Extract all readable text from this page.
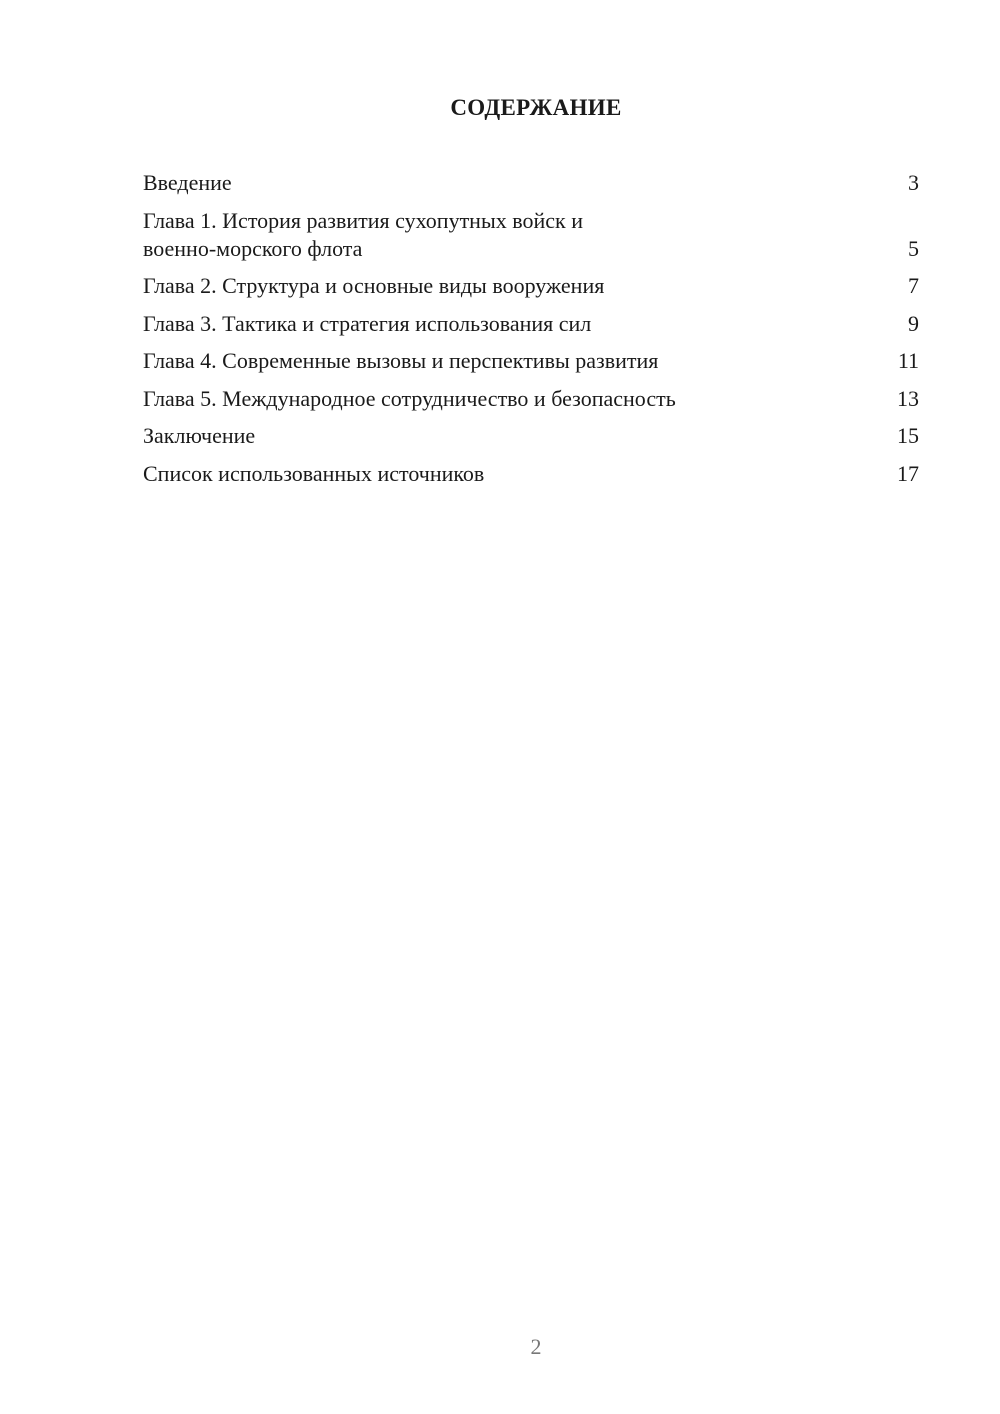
СОДЕРЖАНИЕ
Введение	3
Глава 1. История развития сухопутных войск и
военно-морского флота	5
Глава 2. Структура и основные виды вооружения	7
Глава 3. Тактика и стратегия использования сил	9
Глава 4. Современные вызовы и перспективы развития	11
Глава 5. Международное сотрудничество и безопасность	13
Заключение	15
Список использованных источников	17
2
